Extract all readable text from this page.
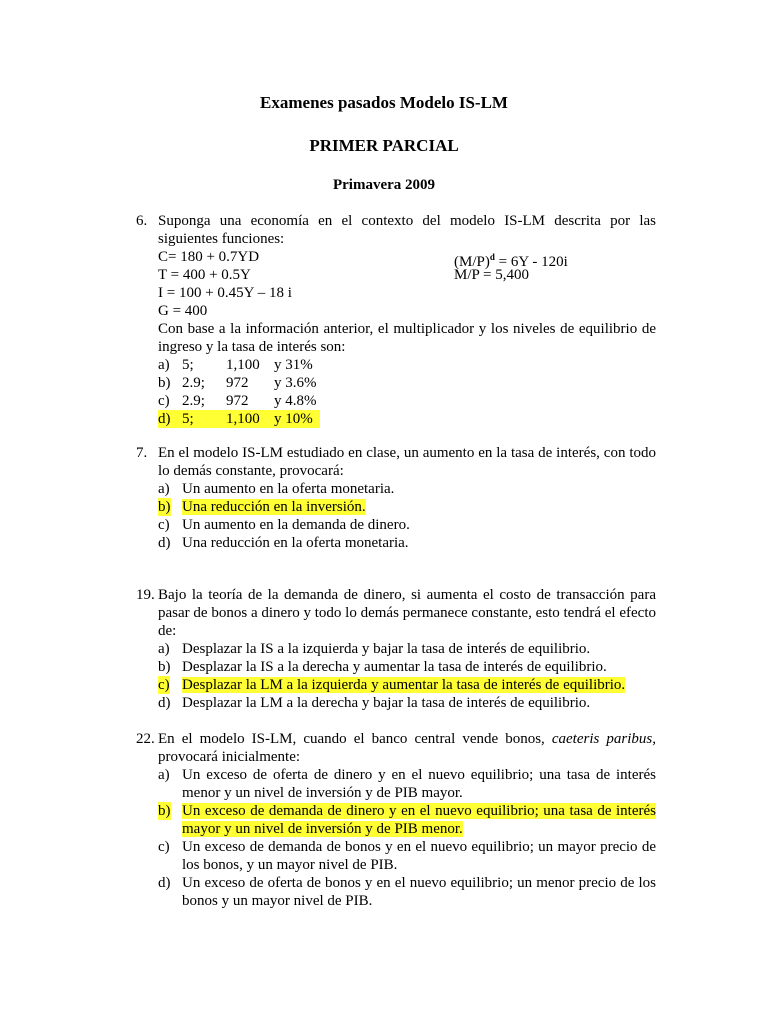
Examenes pasados Modelo IS-LM
PRIMER PARCIAL
Primavera 2009
6. Suponga una economía en el contexto del modelo IS-LM descrita por las siguientes funciones:
C= 180 + 0.7YD	$(M/P)^d = 6Y - 120i$
T = 400 + 0.5Y	M/P = 5,400
I = 100 + 0.45Y – 18 i
G = 400
Con base a la información anterior, el multiplicador y los niveles de equilibrio de ingreso y la tasa de interés son:
a) 5; 1,100 y 31%
b) 2.9; 972 y 3.6%
c) 2.9; 972 y 4.8%
d) 5; 1,100 y 10%
7. En el modelo IS-LM estudiado en clase, un aumento en la tasa de interés, con todo lo demás constante, provocará:
a) Un aumento en la oferta monetaria.
b) Una reducción en la inversión.
c) Un aumento en la demanda de dinero.
d) Una reducción en la oferta monetaria.
19. Bajo la teoría de la demanda de dinero, si aumenta el costo de transacción para pasar de bonos a dinero y todo lo demás permanece constante, esto tendrá el efecto de:
a) Desplazar la IS a la izquierda y bajar la tasa de interés de equilibrio.
b) Desplazar la IS a la derecha y aumentar la tasa de interés de equilibrio.
c) Desplazar la LM a la izquierda y aumentar la tasa de interés de equilibrio.
d) Desplazar la LM a la derecha y bajar la tasa de interés de equilibrio.
22. En el modelo IS-LM, cuando el banco central vende bonos, caeteris paribus, provocará inicialmente:
a) Un exceso de oferta de dinero y en el nuevo equilibrio; una tasa de interés menor y un nivel de inversión y de PIB mayor.
b) Un exceso de demanda de dinero y en el nuevo equilibrio; una tasa de interés mayor y un nivel de inversión y de PIB menor.
c) Un exceso de demanda de bonos y en el nuevo equilibrio; un mayor precio de los bonos, y un mayor nivel de PIB.
d) Un exceso de oferta de bonos y en el nuevo equilibrio; un menor precio de los bonos y un mayor nivel de PIB.
